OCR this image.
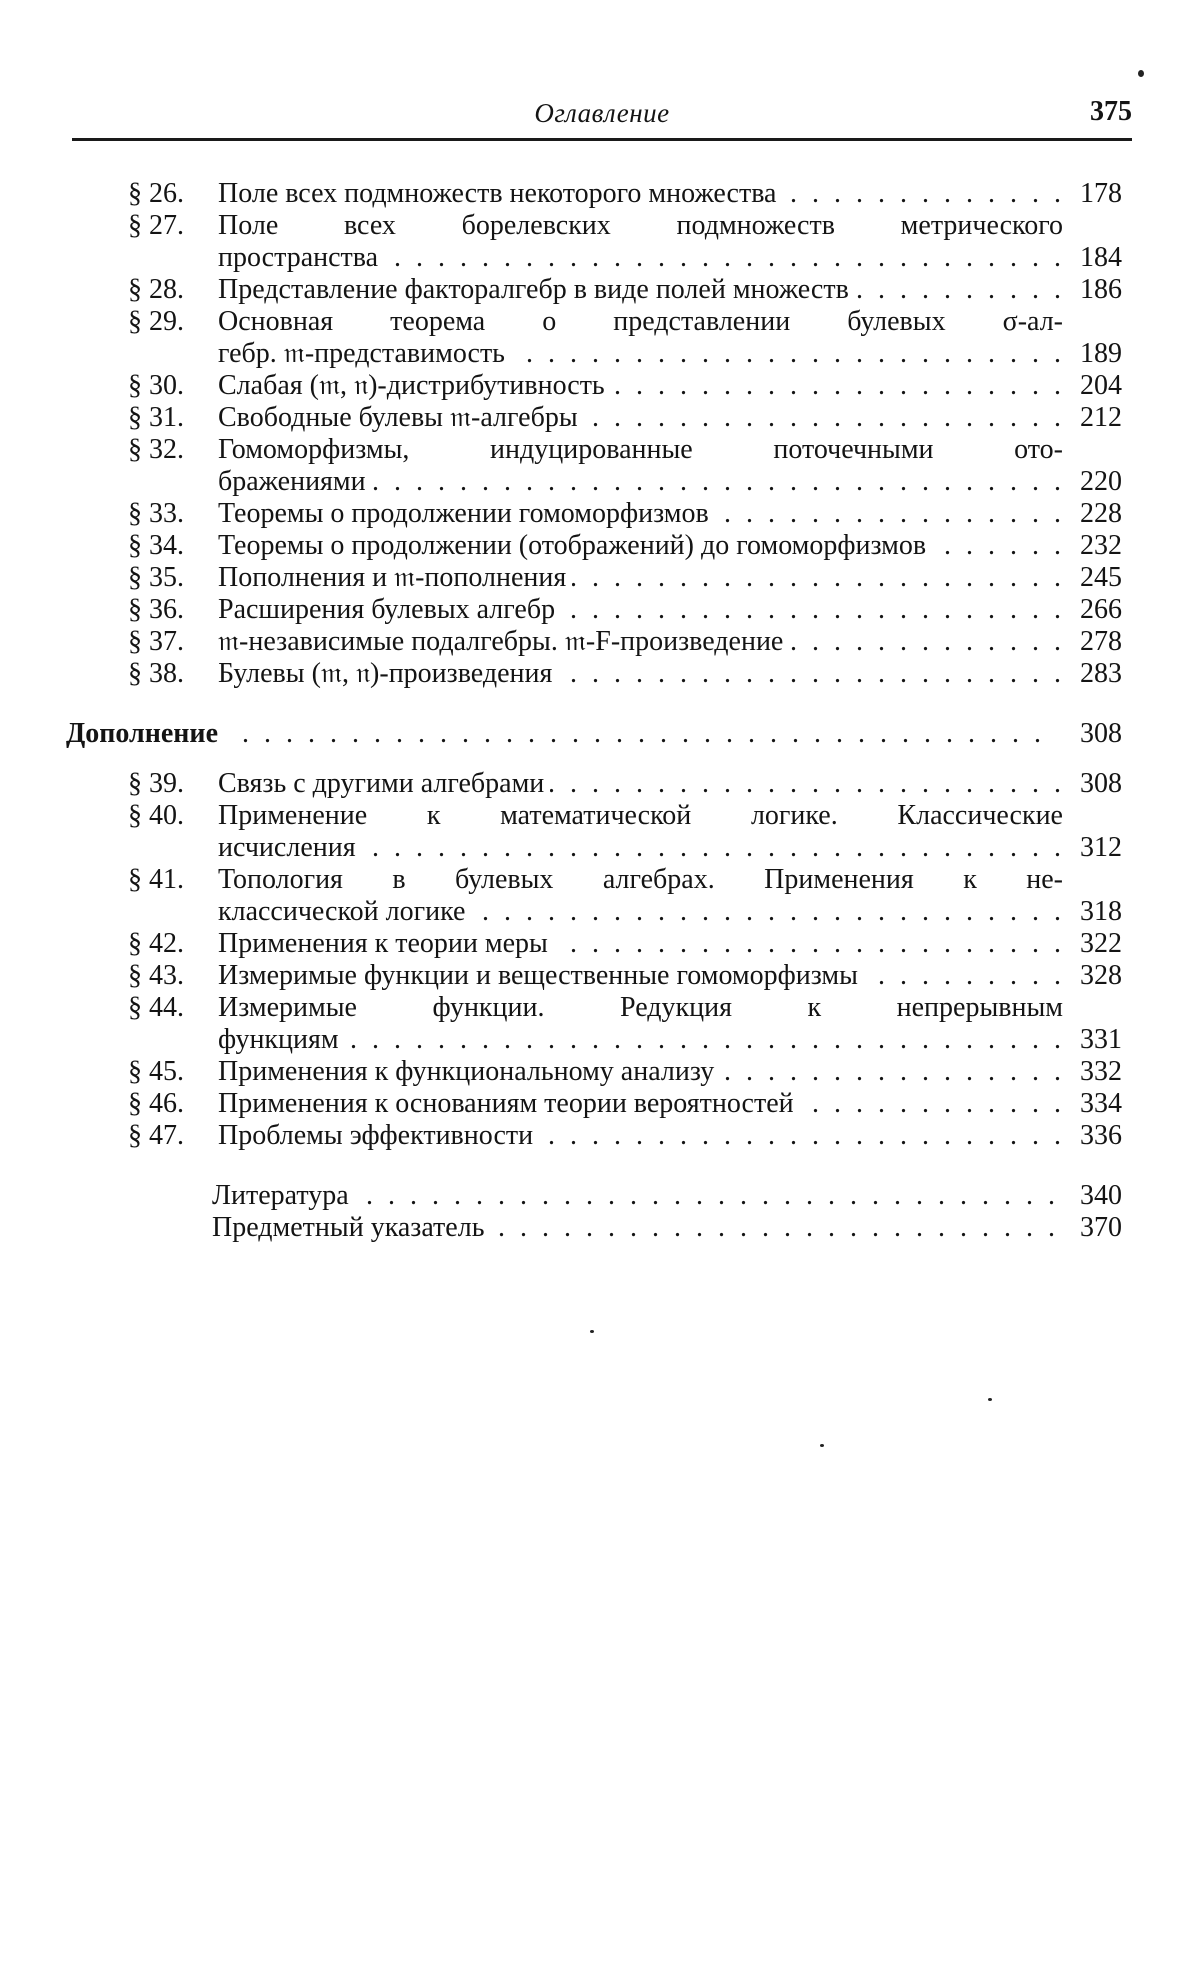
Оглавление	375
§ 26.	Поле всех подмножеств некоторого множества . . .	178
§ 27.	Поле всех борелевских подмножеств метрического
пространства . . .	184
§ 28.	Представление факторалгебр в виде полей множеств . . .	186
§ 29.	Основная теорема о представлении булевых σ-ал-
гебр. 𝔪-представимость . . .	189
§ 30.	Слабая (𝔪, 𝔫)-дистрибутивность . . .	204
§ 31.	Свободные булевы 𝔪-алгебры . . .	212
§ 32.	Гомоморфизмы, индуцированные поточечными ото-
бражениями . . .	220
§ 33.	Теоремы о продолжении гомоморфизмов . . .	228
§ 34.	Теоремы о продолжении (отображений) до гомоморфизмов . . .	232
§ 35.	Пополнения и 𝔪-пополнения . . .	245
§ 36.	Расширения булевых алгебр . . .	266
§ 37.	𝔪-независимые подалгебры. 𝔪-F-произведение . . .	278
§ 38.	Булевы (𝔪, 𝔫)-произведения . . .	283
. . .
Дополнение	308
§ 39.	Связь с другими алгебрами . . .	308
§ 40.	Применение к математической логике. Классические
исчисления . . .	312
§ 41.	Топология в булевых алгебрах. Применения к не-
классической логике . . .	318
§ 42.	Применения к теории меры . . .	322
§ 43.	Измеримые функции и вещественные гомоморфизмы . . .	328
§ 44.	Измеримые функции. Редукция к непрерывным
функциям . . .	331
§ 45.	Применения к функциональному анализу . . .	332
§ 46.	Применения к основаниям теории вероятностей . . .	334
§ 47.	Проблемы эффективности . . .	336
Литература . . .	340
Предметный указатель . . .	370
